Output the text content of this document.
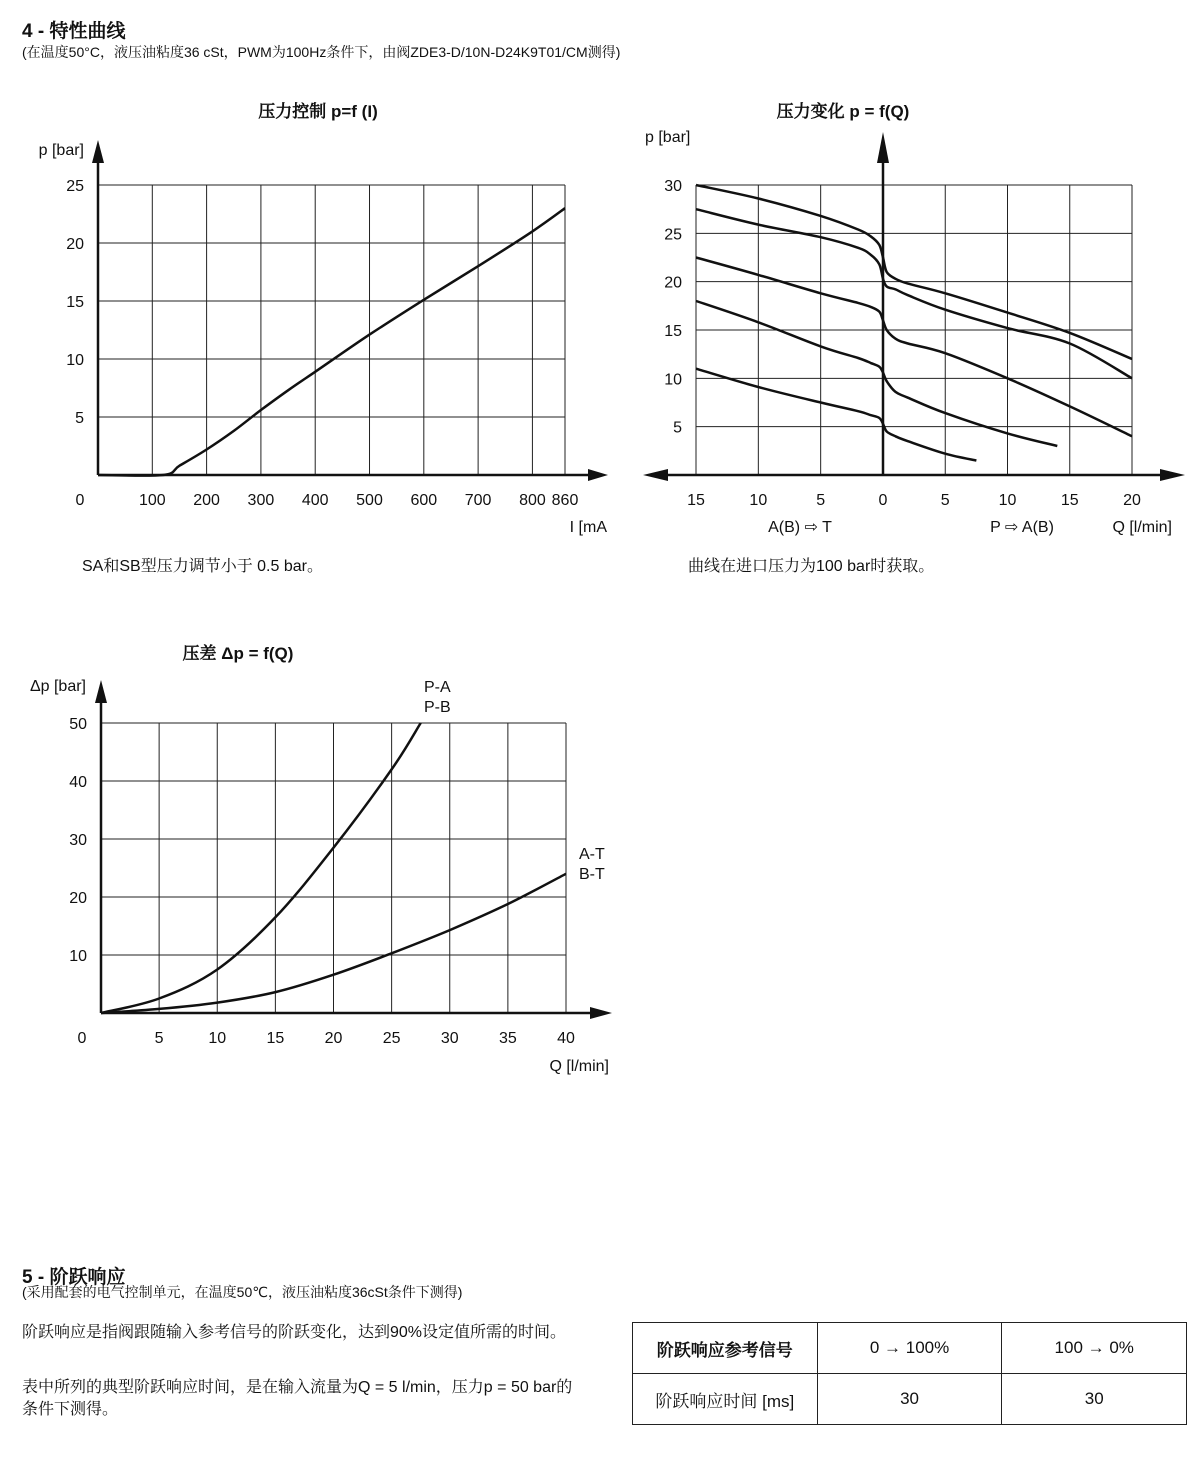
4 - 特性曲线
(在温度50°C，液压油粘度36 cSt，PWM为100Hz条件下，由阀ZDE3-D/10N-D24K9T01/CM测得)
0	100 200 300 400 500 600 700 800 860
5
10
15
20
25
压力控制 p=f (I)
p [bar]
I [mA
SA和SB型压力调节小于 0.5 bar。
15	10	5	0	5	10	15	20
5
10
15
20
25
30
压力变化 p = f(Q)
p [bar]
A(B) ⇨ T	P ⇨ A(B)	Q [l/min]
曲线在进口压力为100 bar时获取。
0	5	10	15	20	25	30	35	40
10
20
30
40
50
压差 Δp = f(Q)
Δp [bar]
Q [l/min]
P-A
P-B
A-T
B-T
5 - 阶跃响应
(采用配套的电气控制单元，在温度50℃，液压油粘度36cSt条件下测得)
阶跃响应是指阀跟随输入参考信号的阶跃变化，达到90%设定值所需的时间。
表中所列的典型阶跃响应时间，是在输入流量为Q = 5 l/min，压力p = 50 bar的条件下测得。
阶跃响应参考信号	0 → 100%	100 → 0%
阶跃响应时间 [ms]	30	30
